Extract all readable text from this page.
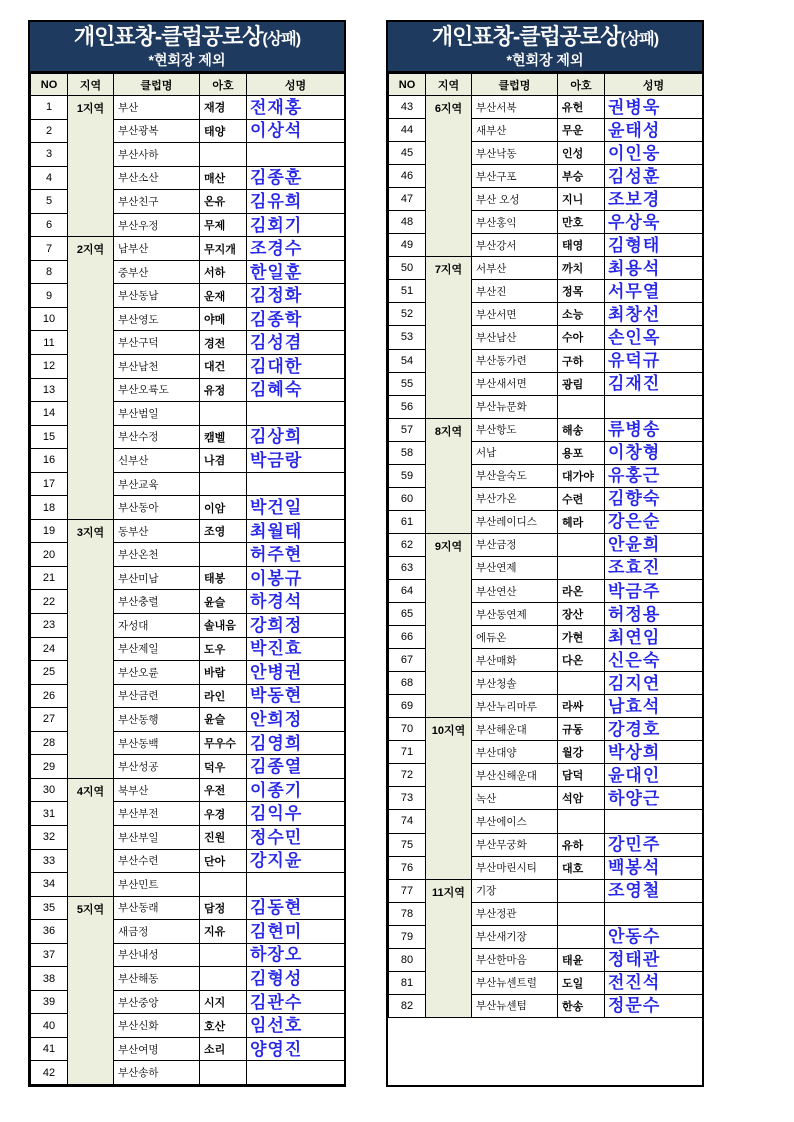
개인표창-클럽공로상(상패)
*현회장 제외
NO	지역	클럽명	아호	성명
1	1지역	부산	재경	전재홍
2		부산광복	태양	이상석
3		부산사하		
4		부산소산	매산	김종훈
5		부산친구	온유	김유희
6		부산우정	무제	김회기
7	2지역	남부산	무지개	조경수
8		중부산	서하	한일훈
9		부산동남	운재	김정화
10		부산영도	야메	김종학
11		부산구덕	경전	김성겸
12		부산남천	대건	김대한
13		부산오륙도	유정	김혜숙
14		부산범일		
15		부산수정	캠벨	김상희
16		신부산	나겸	박금랑
17		부산교육		
18		부산동아	이암	박건일
19	3지역	동부산	조영	최월태
20		부산온천		허주현
21		부산미남	태봉	이봉규
22		부산충렬	윤슬	하경석
23		자성대	솔내음	강희정
24		부산제일	도우	박진효
25		부산오륜	바람	안병권
26		부산금련	라인	박동현
27		부산동행	윤슬	안희정
28		부산동백	무우수	김영희
29		부산성공	덕우	김종열
30	4지역	북부산	우전	이종기
31		부산부전	우경	김익우
32		부산부일	진원	정수민
33		부산수련	단아	강지윤
34		부산민트		
35	5지역	부산동래	담정	김동현
36		새금정	지유	김현미
37		부산내성		하장오
38		부산해동		김형성
39		부산중앙	시지	김관수
40		부산신화	호산	임선호
41		부산여명	소리	양영진
42		부산송하		
개인표창-클럽공로상(상패)
*현회장 제외
NO	지역	클럽명	아호	성명
43	6지역	부산서북	유헌	권병욱
44		새부산	무운	윤태성
45		부산낙동	인성	이인웅
46		부산구포	부승	김성훈
47		부산 오성	지니	조보경
48		부산홍익	만호	우상욱
49		부산강서	태영	김형태
50	7지역	서부산	까치	최용석
51		부산진	정목	서무열
52		부산서면	소능	최창선
53		부산남산	수아	손인옥
54		부산동가련	구하	유덕규
55		부산새서면	광림	김재진
56		부산뉴문화		
57	8지역	부산항도	해송	류병송
58		서남	용포	이창형
59		부산을숙도	대가야	유홍근
60		부산가온	수련	김향숙
61		부산레이디스	헤라	강은순
62	9지역	부산금정		안윤희
63		부산연제		조효진
64		부산연산	라온	박금주
65		부산동연제	장산	허정용
66		에듀온	가현	최연임
67		부산매화	다온	신은숙
68		부산청솔		김지연
69		부산누리마루	라싸	남효석
70	10지역	부산해운대	규동	강경호
71		부산대양	월강	박상희
72		부산신해운대	담덕	윤대인
73		녹산	석암	하양근
74		부산에이스		
75		부산무궁화	유하	강민주
76		부산마린시티	대호	백봉석
77	11지역	기장		조영철
78		부산정관		
79		부산새기장		안동수
80		부산한마음	태윤	정태관
81		부산뉴센트럴	도일	전진석
82		부산뉴센텀	한송	정문수
